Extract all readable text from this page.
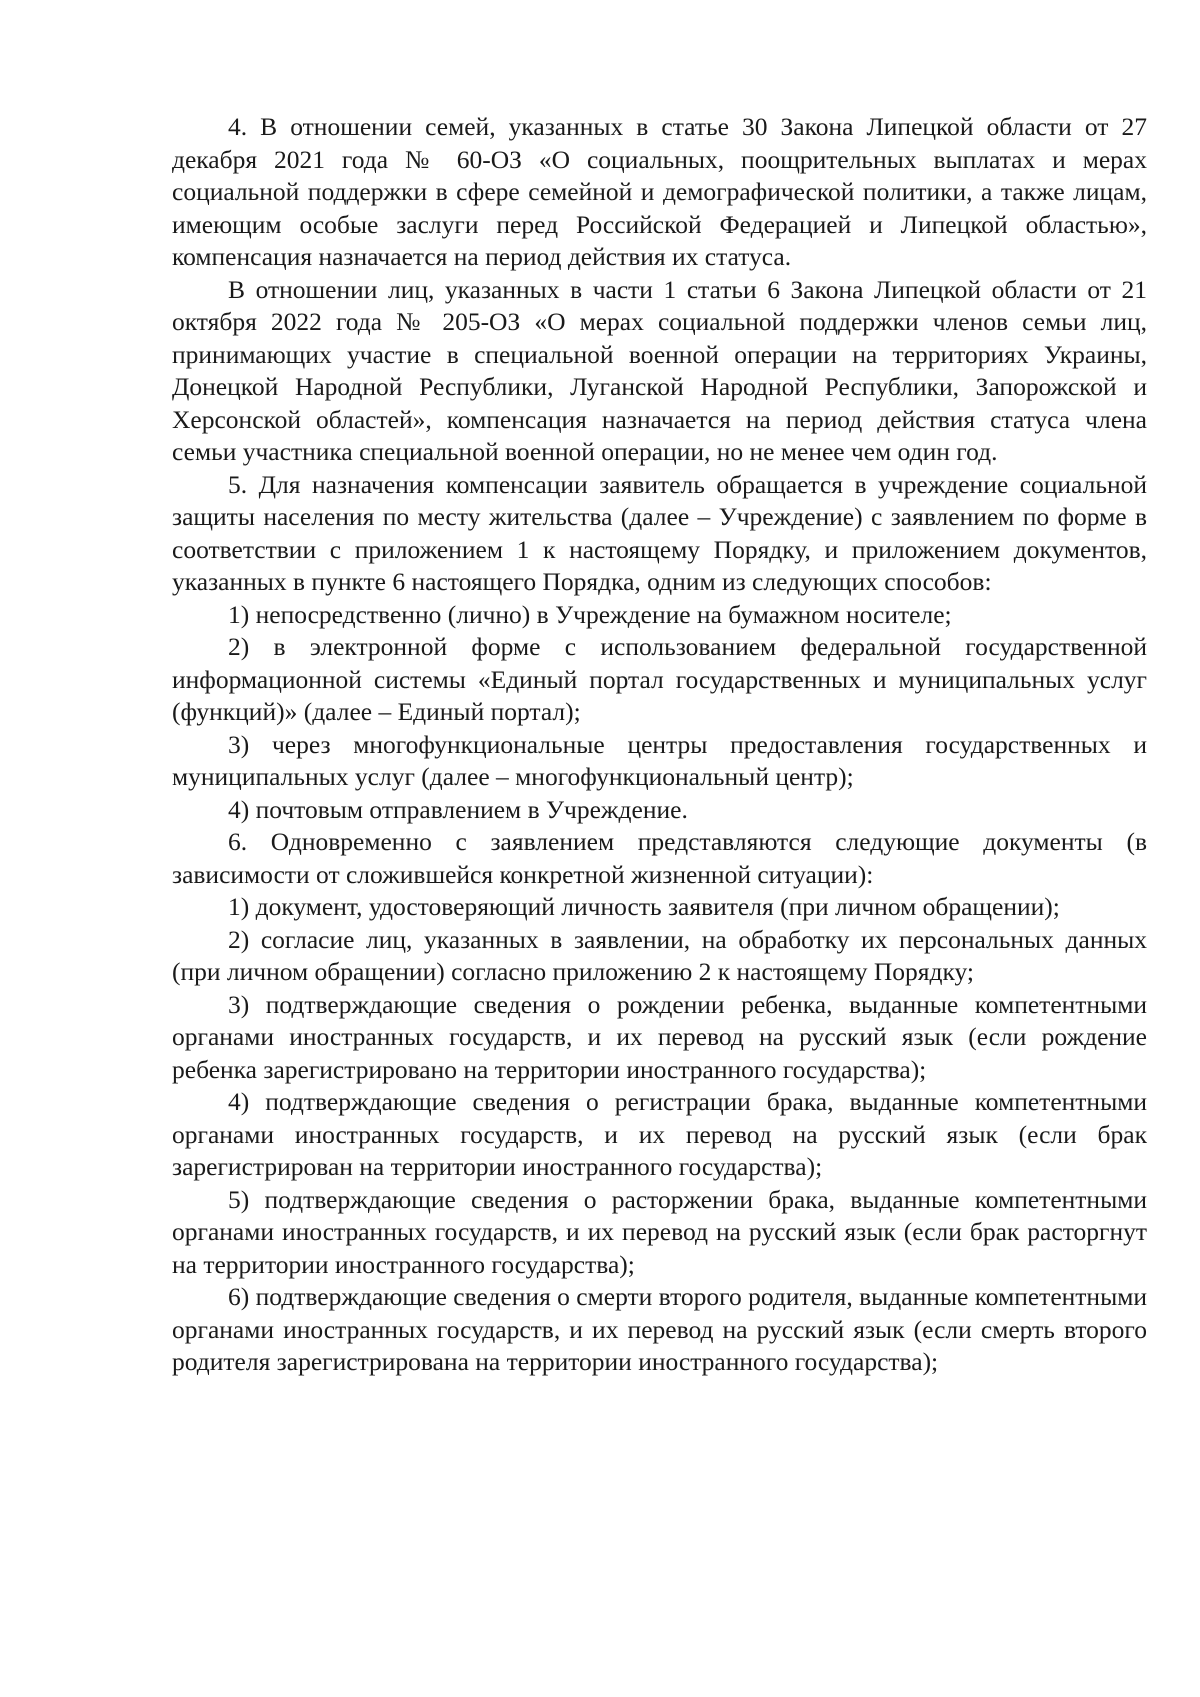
4. В отношении семей, указанных в статье 30 Закона Липецкой области от 27 декабря 2021 года № 60-ОЗ «О социальных, поощрительных выплатах и мерах социальной поддержки в сфере семейной и демографической политики, а также лицам, имеющим особые заслуги перед Российской Федерацией и Липецкой областью», компенсация назначается на период действия их статуса.

В отношении лиц, указанных в части 1 статьи 6 Закона Липецкой области от 21 октября 2022 года № 205-ОЗ «О мерах социальной поддержки членов семьи лиц, принимающих участие в специальной военной операции на территориях Украины, Донецкой Народной Республики, Луганской Народной Республики, Запорожской и Херсонской областей», компенсация назначается на период действия статуса члена семьи участника специальной военной операции, но не менее чем один год.

5. Для назначения компенсации заявитель обращается в учреждение социальной защиты населения по месту жительства (далее – Учреждение) с заявлением по форме в соответствии с приложением 1 к настоящему Порядку, и приложением документов, указанных в пункте 6 настоящего Порядка, одним из следующих способов:

1) непосредственно (лично) в Учреждение на бумажном носителе;

2) в электронной форме с использованием федеральной государственной информационной системы «Единый портал государственных и муниципальных услуг (функций)» (далее – Единый портал);

3) через многофункциональные центры предоставления государственных и муниципальных услуг (далее – многофункциональный центр);

4) почтовым отправлением в Учреждение.

6. Одновременно с заявлением представляются следующие документы (в зависимости от сложившейся конкретной жизненной ситуации):

1) документ, удостоверяющий личность заявителя (при личном обращении);

2) согласие лиц, указанных в заявлении, на обработку их персональных данных (при личном обращении) согласно приложению 2 к настоящему Порядку;

3) подтверждающие сведения о рождении ребенка, выданные компетентными органами иностранных государств, и их перевод на русский язык (если рождение ребенка зарегистрировано на территории иностранного государства);

4) подтверждающие сведения о регистрации брака, выданные компетентными органами иностранных государств, и их перевод на русский язык (если брак зарегистрирован на территории иностранного государства);

5) подтверждающие сведения о расторжении брака, выданные компетентными органами иностранных государств, и их перевод на русский язык (если брак расторгнут на территории иностранного государства);

6) подтверждающие сведения о смерти второго родителя, выданные компетентными органами иностранных государств, и их перевод на русский язык (если смерть второго родителя зарегистрирована на территории иностранного государства);
